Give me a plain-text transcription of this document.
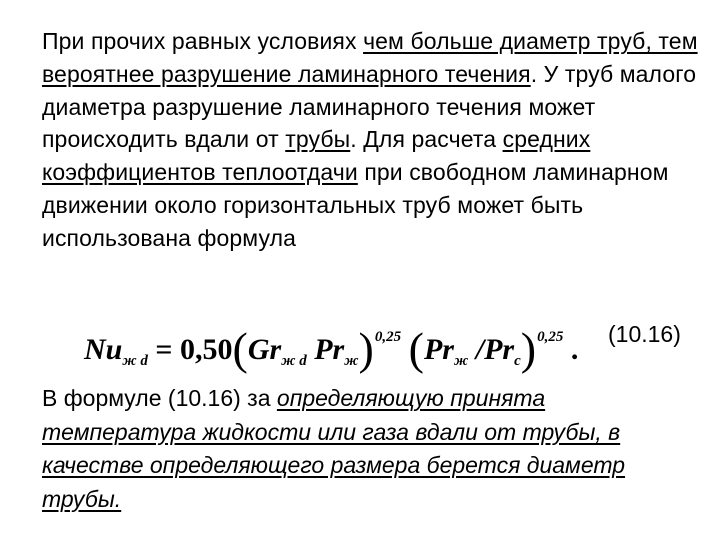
При прочих равных условиях чем больше диаметр труб, тем вероятнее разрушение ламинарного течения. У труб малого диаметра разрушение ламинарного течения может происходить вдали от трубы. Для расчета средних коэффициентов теплоотдачи при свободном ламинарном движении около горизонтальных труб может быть использована формула
$Nu_{ж d} = 0,50(Gr_{ж d}$ $Pr_ж)^{0,25}$ ($Pr_ж$ $/Pr_c)^{0,25}$ . (10.16)
В формуле (10.16) за определяющую принята температура жидкости или газа вдали от трубы, в качестве определяющего размера берется диаметр трубы.
